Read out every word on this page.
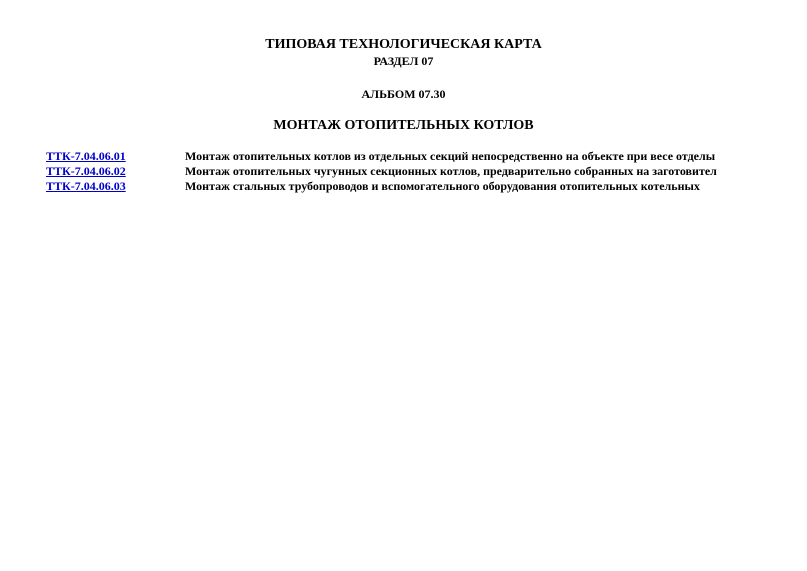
ТИПОВАЯ ТЕХНОЛОГИЧЕСКАЯ КАРТА
РАЗДЕЛ 07
АЛЬБОМ 07.30
МОНТАЖ ОТОПИТЕЛЬНЫХ КОТЛОВ
ТТК-7.04.06.01	Монтаж отопительных котлов из отдельных секций непосредственно на объекте при весе отделы
ТТК-7.04.06.02	Монтаж отопительных чугунных секционных котлов, предварительно собранных на заготовител
ТТК-7.04.06.03	Монтаж стальных трубопроводов и вспомогательного оборудования отопительных котельных
